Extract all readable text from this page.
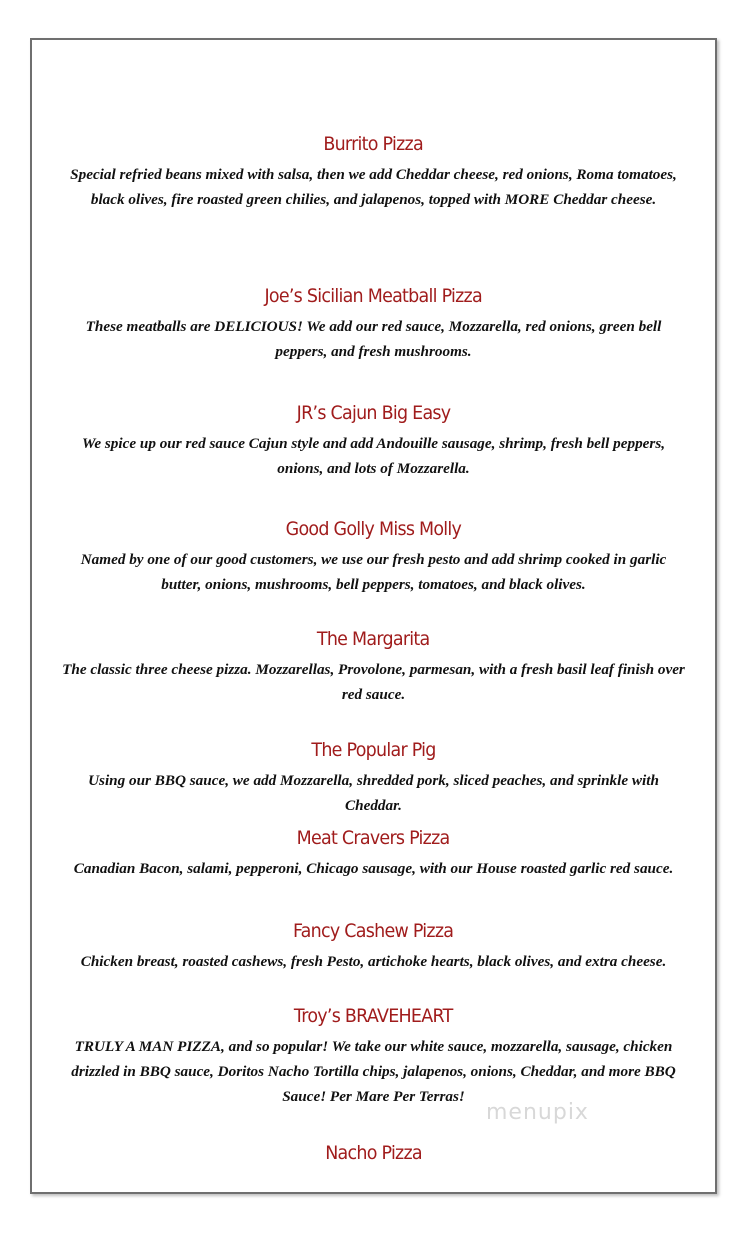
Burrito Pizza
Special refried beans mixed with salsa, then we add Cheddar cheese, red onions, Roma tomatoes, black olives, fire roasted green chilies, and jalapenos, topped with MORE Cheddar cheese.
Joe’s Sicilian Meatball Pizza
These meatballs are DELICIOUS! We add our red sauce, Mozzarella, red onions, green bell peppers, and fresh mushrooms.
JR’s Cajun Big Easy
We spice up our red sauce Cajun style and add Andouille sausage, shrimp, fresh bell peppers, onions, and lots of Mozzarella.
Good Golly Miss Molly
Named by one of our good customers, we use our fresh pesto and add shrimp cooked in garlic butter, onions, mushrooms, bell peppers, tomatoes, and black olives.
The Margarita
The classic three cheese pizza. Mozzarellas, Provolone, parmesan, with a fresh basil leaf finish over red sauce.
The Popular Pig
Using our BBQ sauce, we add Mozzarella, shredded pork, sliced peaches, and sprinkle with Cheddar.
Meat Cravers Pizza
Canadian Bacon, salami, pepperoni, Chicago sausage, with our House roasted garlic red sauce.
Fancy Cashew Pizza
Chicken breast, roasted cashews, fresh Pesto, artichoke hearts, black olives, and extra cheese.
Troy’s BRAVEHEART
TRULY A MAN PIZZA, and so popular! We take our white sauce, mozzarella, sausage, chicken drizzled in BBQ sauce, Doritos Nacho Tortilla chips, jalapenos, onions, Cheddar, and more BBQ Sauce! Per Mare Per Terras!
Nacho Pizza
menupix
